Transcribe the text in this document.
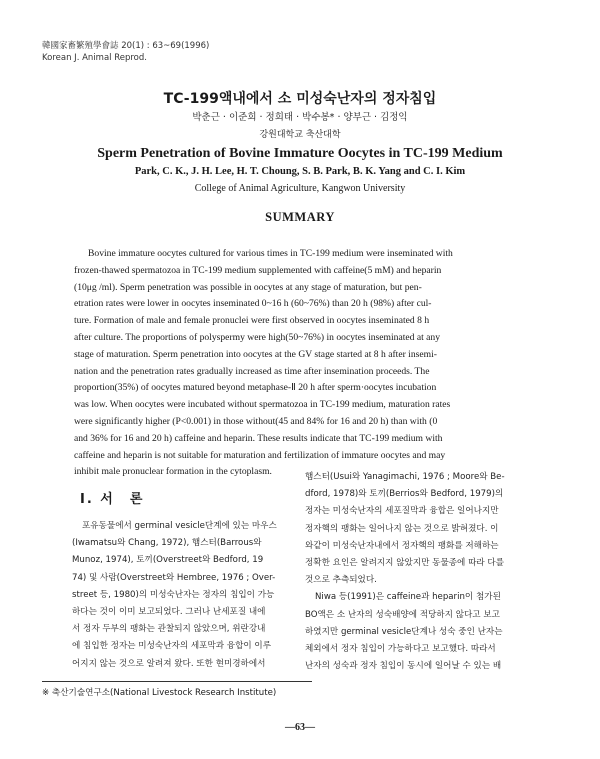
韓國家畜繁殖學會誌 20(1) : 63~69(1996)
Korean J. Animal Reprod.
TC-199액내에서 소 미성숙난자의 정자침입
박춘근 · 이준희 · 정희태 · 박수봉* · 양부근 · 김정익
강원대학교 축산대학
Sperm Penetration of Bovine Immature Oocytes in TC-199 Medium
Park, C. K., J. H. Lee, H. T. Choung, S. B. Park, B. K. Yang and C. I. Kim
College of Animal Agriculture, Kangwon University
SUMMARY
Bovine immature oocytes cultured for various times in TC-199 medium were inseminated with
frozen-thawed spermatozoa in TC-199 medium supplemented with caffeine(5 mM) and heparin
(10μg /ml). Sperm penetration was possible in oocytes at any stage of maturation, but pen-
etration rates were lower in oocytes inseminated 0~16 h (60~76%) than 20 h (98%) after cul-
ture. Formation of male and female pronuclei were first observed in oocytes inseminated 8 h
after culture. The proportions of polyspermy were high(50~76%) in oocytes inseminated at any
stage of maturation. Sperm penetration into oocytes at the GV stage started at 8 h after insemi-
nation and the penetration rates gradually increased as time after insemination proceeds. The
proportion(35%) of oocytes matured beyond metaphase-Ⅱ 20 h after sperm·oocytes incubation
was low. When oocytes were incubated without spermatozoa in TC-199 medium, maturation rates
were significantly higher (P<0.001) in those without(45 and 84% for 16 and 20 h) than with (0
and 36% for 16 and 20 h) caffeine and heparin. These results indicate that TC-199 medium with
caffeine and heparin is not suitable for maturation and fertilization of immature oocytes and may
inhibit male pronuclear formation in the cytoplasm.
Ⅰ. 서　론
포유동물에서 germinal vesicle단계에 있는 마우스
(Iwamatsu와 Chang, 1972), 햄스터(Barrous와
Munoz, 1974), 토끼(Overstreet와 Bedford, 19
74) 및 사람(Overstreet와 Hembree, 1976 ; Over-
street 등, 1980)의 미성숙난자는 정자의 침입이 가능
하다는 것이 이미 보고되었다. 그러나 난세포질 내에
서 정자 두부의 팽화는 관찰되지 않았으며, 위란강내
에 침입한 정자는 미성숙난자의 세포막과 융합이 이루
어지지 않는 것으로 알려져 왔다. 또한 현미경하에서
햄스터(Usui와 Yanagimachi, 1976 ; Moore와 Be-
dford, 1978)와 토끼(Berrios와 Bedford, 1979)의
정자는 미성숙난자의 세포질막과 융합은 일어나지만
정자핵의 팽화는 일어나지 않는 것으로 밝혀졌다. 이
와같이 미성숙난자내에서 정자핵의 팽화를 저해하는
정확한 요인은 알려지지 않았지만 동물종에 따라 다를
것으로 추측되었다.
Niwa 등(1991)은 caffeine과 heparin이 첨가된
BO액은 소 난자의 성숙배양에 적당하지 않다고 보고
하였지만 germinal vesicle단계나 성숙 중인 난자는
체외에서 정자 침입이 가능하다고 보고했다. 따라서
난자의 성숙과 정자 침입이 동시에 일어날 수 있는 배
※ 축산기술연구소(National Livestock Research Institute)
—63—
